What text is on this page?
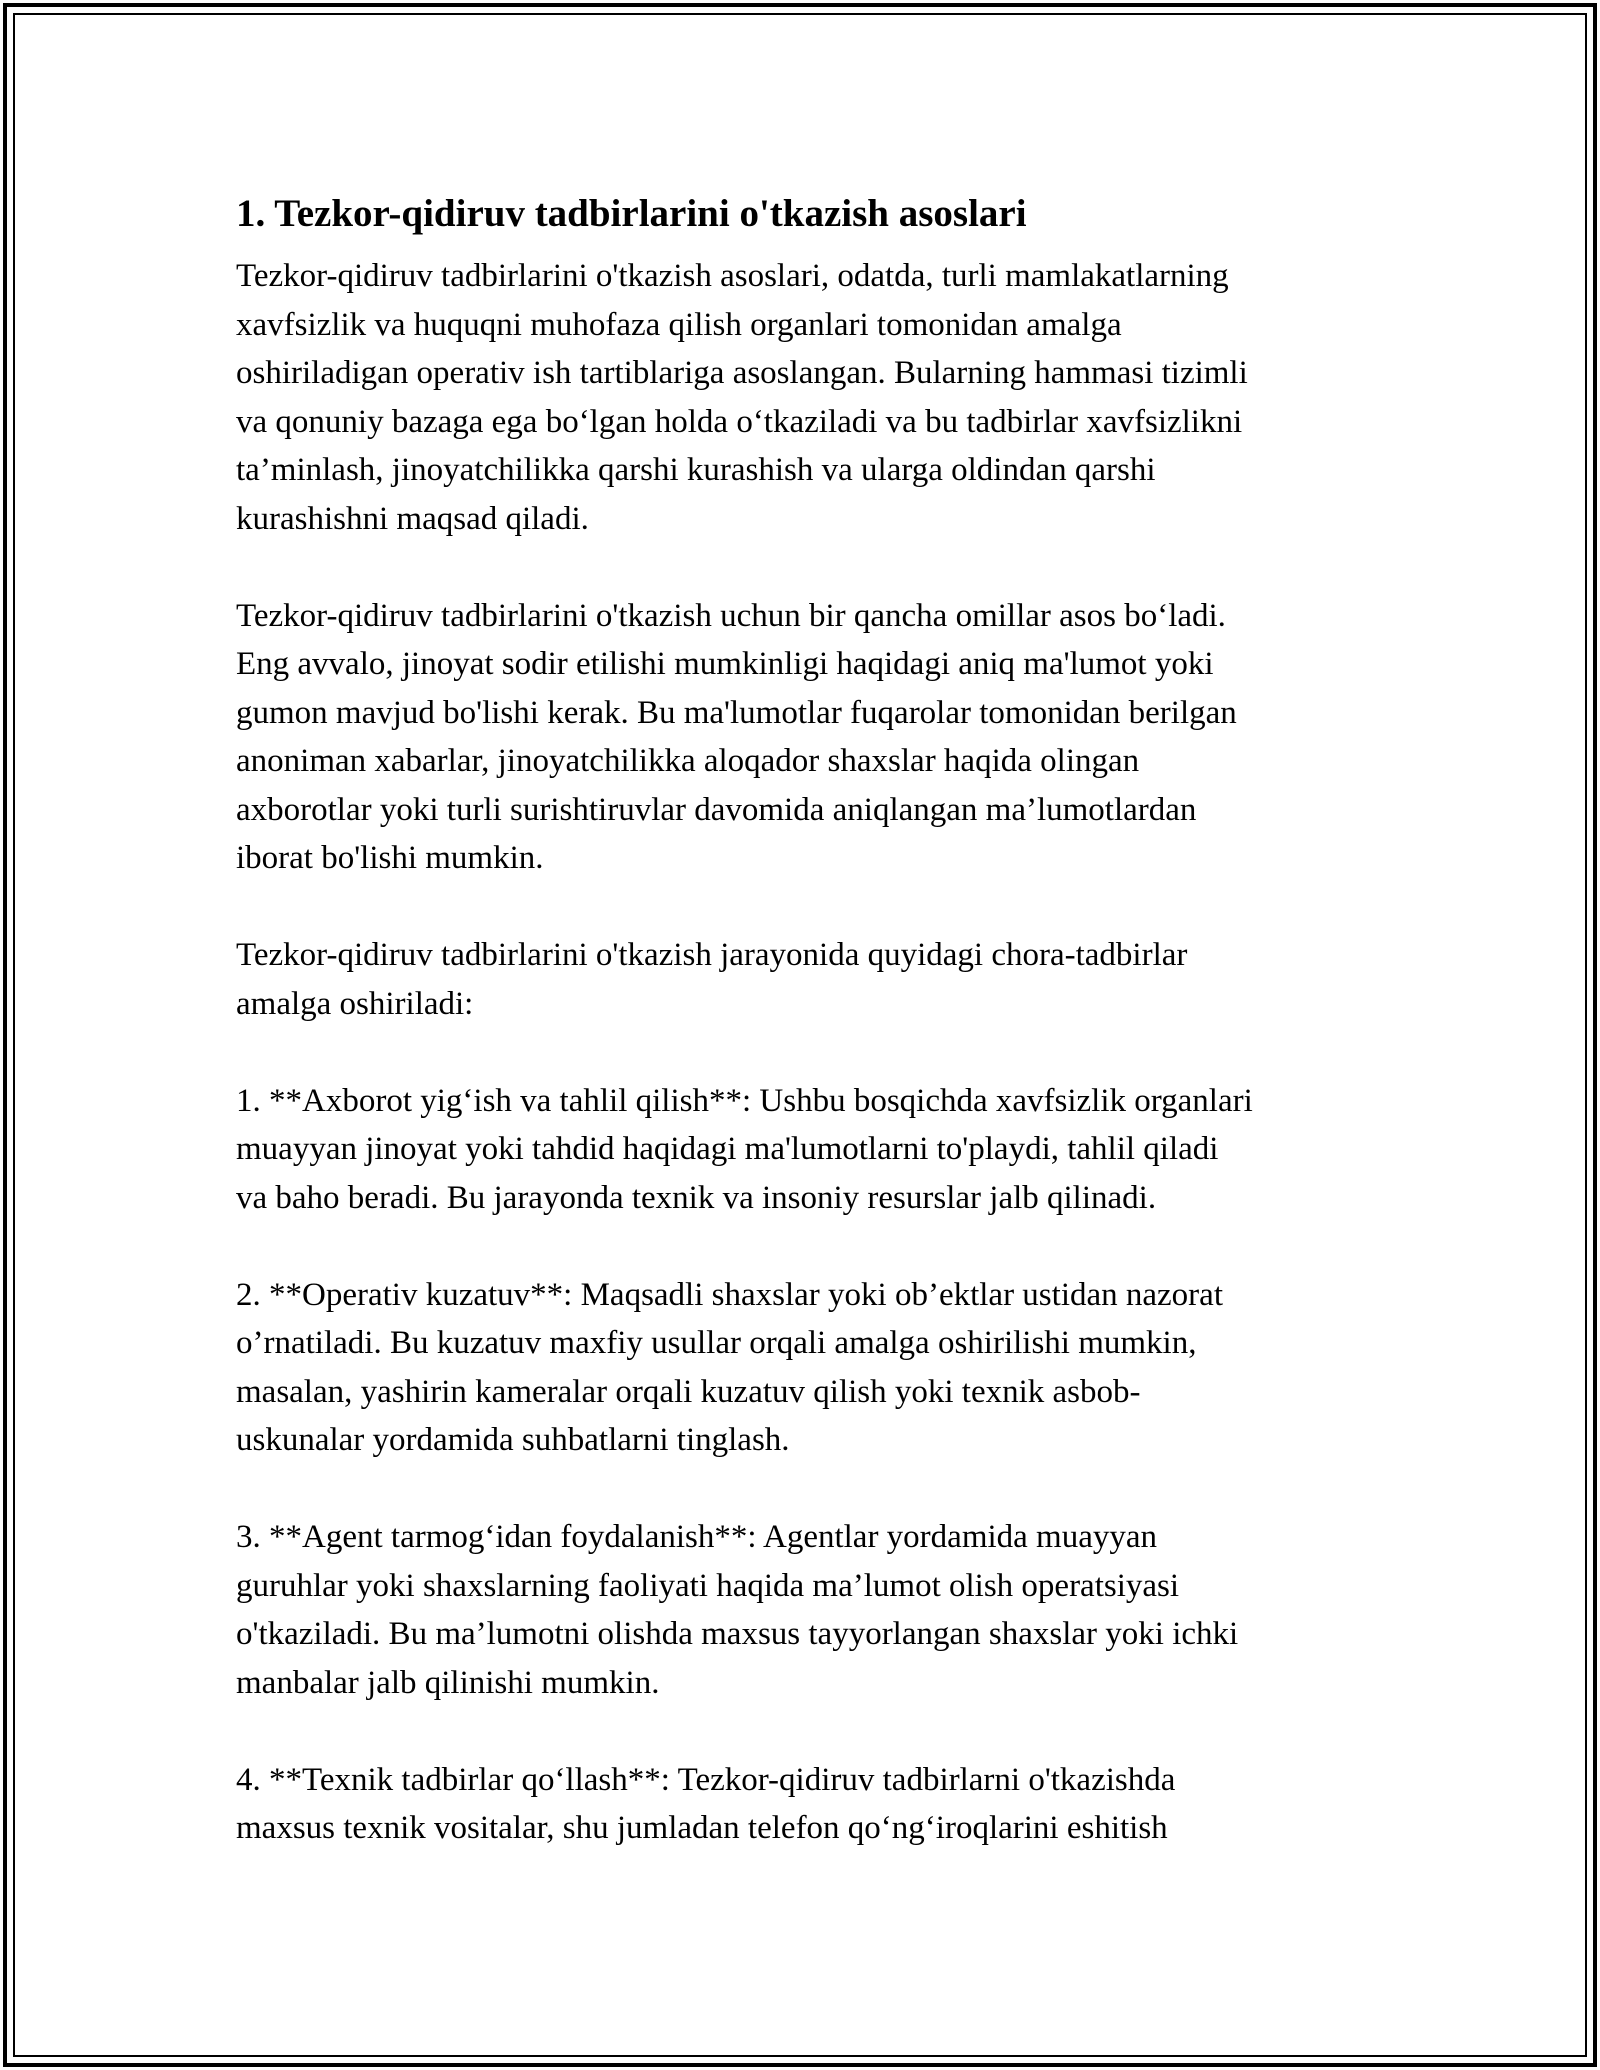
1. Tezkor-qidiruv tadbirlarini o'tkazish asoslari

Tezkor-qidiruv tadbirlarini o'tkazish asoslari, odatda, turli mamlakatlarning
xavfsizlik va huquqni muhofaza qilish organlari tomonidan amalga
oshiriladigan operativ ish tartiblariga asoslangan. Bularning hammasi tizimli
va qonuniy bazaga ega bo‘lgan holda o‘tkaziladi va bu tadbirlar xavfsizlikni
ta’minlash, jinoyatchilikka qarshi kurashish va ularga oldindan qarshi
kurashishni maqsad qiladi.

Tezkor-qidiruv tadbirlarini o'tkazish uchun bir qancha omillar asos bo‘ladi.
Eng avvalo, jinoyat sodir etilishi mumkinligi haqidagi aniq ma'lumot yoki
gumon mavjud bo'lishi kerak. Bu ma'lumotlar fuqarolar tomonidan berilgan
anoniman xabarlar, jinoyatchilikka aloqador shaxslar haqida olingan
axborotlar yoki turli surishtiruvlar davomida aniqlangan ma’lumotlardan
iborat bo'lishi mumkin.

Tezkor-qidiruv tadbirlarini o'tkazish jarayonida quyidagi chora-tadbirlar
amalga oshiriladi:

1. **Axborot yig‘ish va tahlil qilish**: Ushbu bosqichda xavfsizlik organlari
muayyan jinoyat yoki tahdid haqidagi ma'lumotlarni to'playdi, tahlil qiladi
va baho beradi. Bu jarayonda texnik va insoniy resurslar jalb qilinadi.

2. **Operativ kuzatuv**: Maqsadli shaxslar yoki ob’ektlar ustidan nazorat
o’rnatiladi. Bu kuzatuv maxfiy usullar orqali amalga oshirilishi mumkin,
masalan, yashirin kameralar orqali kuzatuv qilish yoki texnik asbob-
uskunalar yordamida suhbatlarni tinglash.

3. **Agent tarmog‘idan foydalanish**: Agentlar yordamida muayyan
guruhlar yoki shaxslarning faoliyati haqida ma’lumot olish operatsiyasi
o'tkaziladi. Bu ma’lumotni olishda maxsus tayyorlangan shaxslar yoki ichki
manbalar jalb qilinishi mumkin.

4. **Texnik tadbirlar qo‘llash**: Tezkor-qidiruv tadbirlarni o'tkazishda
maxsus texnik vositalar, shu jumladan telefon qo‘ng‘iroqlarini eshitish
